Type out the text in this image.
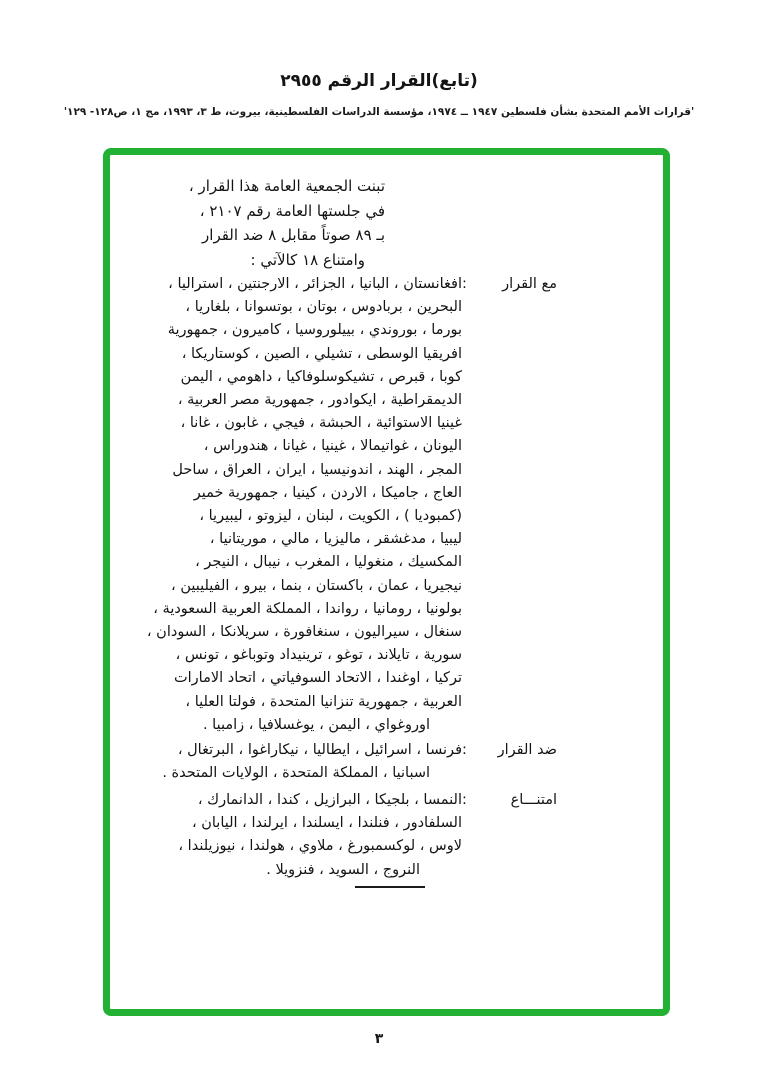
(تابع)القرار الرقم ٢٩٥٥
'قرارات الأمم المتحدة بشأن فلسطين ١٩٤٧ ــ ١٩٧٤، مؤسسة الدراسات الفلسطينية، بيروت، ط ٣، ١٩٩٣، مج ١، ص١٢٨- ١٢٩'
تبنت الجمعية العامة هذا القرار ،
في جلستها العامة رقم ٢١٠٧ ،
بـ ٨٩ صوتاً مقابل ٨ ضد القرار
وامتناع ١٨ كالآتي :
مع القرار
:
افغانستان ، البانيا ، الجزائر ، الارجنتين ، استراليا ،
البحرين ، بربادوس ، بوتان ، بوتسوانا ، بلغاريا ،
بورما ، بوروندي ، بييلوروسيا ، كاميرون ، جمهورية
افريقيا الوسطى ، تشيلي ، الصين ، كوستاريكا ،
كوبا ، قبرص ، تشيكوسلوفاكيا ، داهومي ، اليمن
الديمقراطية ، ايكوادور ، جمهورية مصر العربية ،
غينيا الاستوائية ، الحبشة ، فيجي ، غابون ، غانا ،
اليونان ، غواتيمالا ، غينيا ، غيانا ، هندوراس ،
المجر ، الهند ، اندونيسيا ، ايران ، العراق ، ساحل
العاج ، جاميكا ، الاردن ، كينيا ، جمهورية خمير
(كمبوديا ) ، الكويت ، لبنان ، ليزوتو ، ليبيريا ،
ليبيا ، مدغشقر ، ماليزيا ، مالي ، موريتانيا ،
المكسيك ، منغوليا ، المغرب ، نيبال ، النيجر ،
نيجيريا ، عمان ، باكستان ، بنما ، بيرو ، الفيليبين ،
بولونيا ، رومانيا ، رواندا ، المملكة العربية السعودية ،
سنغال ، سيراليون ، سنغافورة ، سريلانكا ، السودان ،
سورية ، تايلاند ، توغو ، ترينيداد وتوباغو ، تونس ،
تركيا ، اوغندا ، الاتحاد السوفياتي ، اتحاد الامارات
العربية ، جمهورية تنزانيا المتحدة ، فولتا العليا ،
اوروغواي ، اليمن ، يوغسلافيا ، زامبيا .
ضد القرار
:
فرنسا ، اسرائيل ، ايطاليا ، نيكاراغوا ، البرتغال ،
اسبانيا ، المملكة المتحدة ، الولايات المتحدة .
امتنـــاع
:
النمسا ، بلجيكا ، البرازيل ، كندا ، الدانمارك ،
السلفادور ، فنلندا ، ايسلندا ، ايرلندا ، اليابان ،
لاوس ، لوكسمبورغ ، ملاوي ، هولندا ، نيوزيلندا ،
النروج ، السويد ، فنزويلا .
٣
